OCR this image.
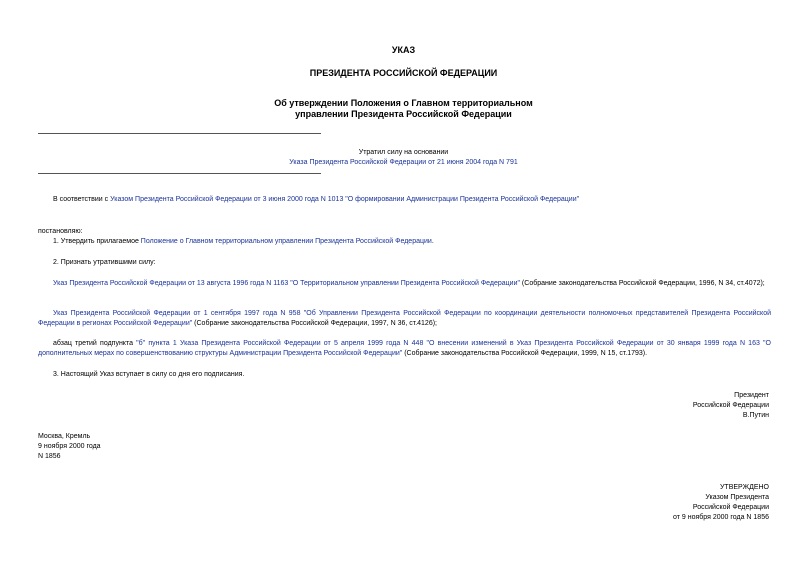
УКАЗ
ПРЕЗИДЕНТА РОССИЙСКОЙ ФЕДЕРАЦИИ
Об утверждении Положения о Главном территориальном
управлении Президента Российской Федерации
Утратил силу на основании
Указа Президента Российской Федерации от 21 июня 2004 года N 791
В соответствии с Указом Президента Российской Федерации от 3 июня 2000 года N 1013 "О формировании Администрации Президента Российской Федерации"
постановляю:
1. Утвердить прилагаемое Положение о Главном территориальном управлении Президента Российской Федерации.
2. Признать утратившими силу:
Указ Президента Российской Федерации от 13 августа 1996 года N 1163 "О Территориальном управлении Президента Российской Федерации" (Собрание законодательства Российской Федерации, 1996, N 34, ст.4072);
Указ Президента Российской Федерации от 1 сентября 1997 года N 958 "Об Управлении Президента Российской Федерации по координации деятельности полномочных представителей Президента Российской Федерации в регионах Российской Федерации" (Собрание законодательства Российской Федерации, 1997, N 36, ст.4126);
абзац третий подпункта "б" пункта 1 Указа Президента Российской Федерации от 5 апреля 1999 года N 448 "О внесении изменений в Указ Президента Российской Федерации от 30 января 1999 года N 163 "О дополнительных мерах по совершенствованию структуры Администрации Президента Российской Федерации" (Собрание законодательства Российской Федерации, 1999, N 15, ст.1793).
3. Настоящий Указ вступает в силу со дня его подписания.
Президент
Российской Федерации
В.Путин
Москва, Кремль
9 ноября 2000 года
N 1856
УТВЕРЖДЕНО
Указом Президента
Российской Федерации
от 9 ноября 2000 года N 1856
